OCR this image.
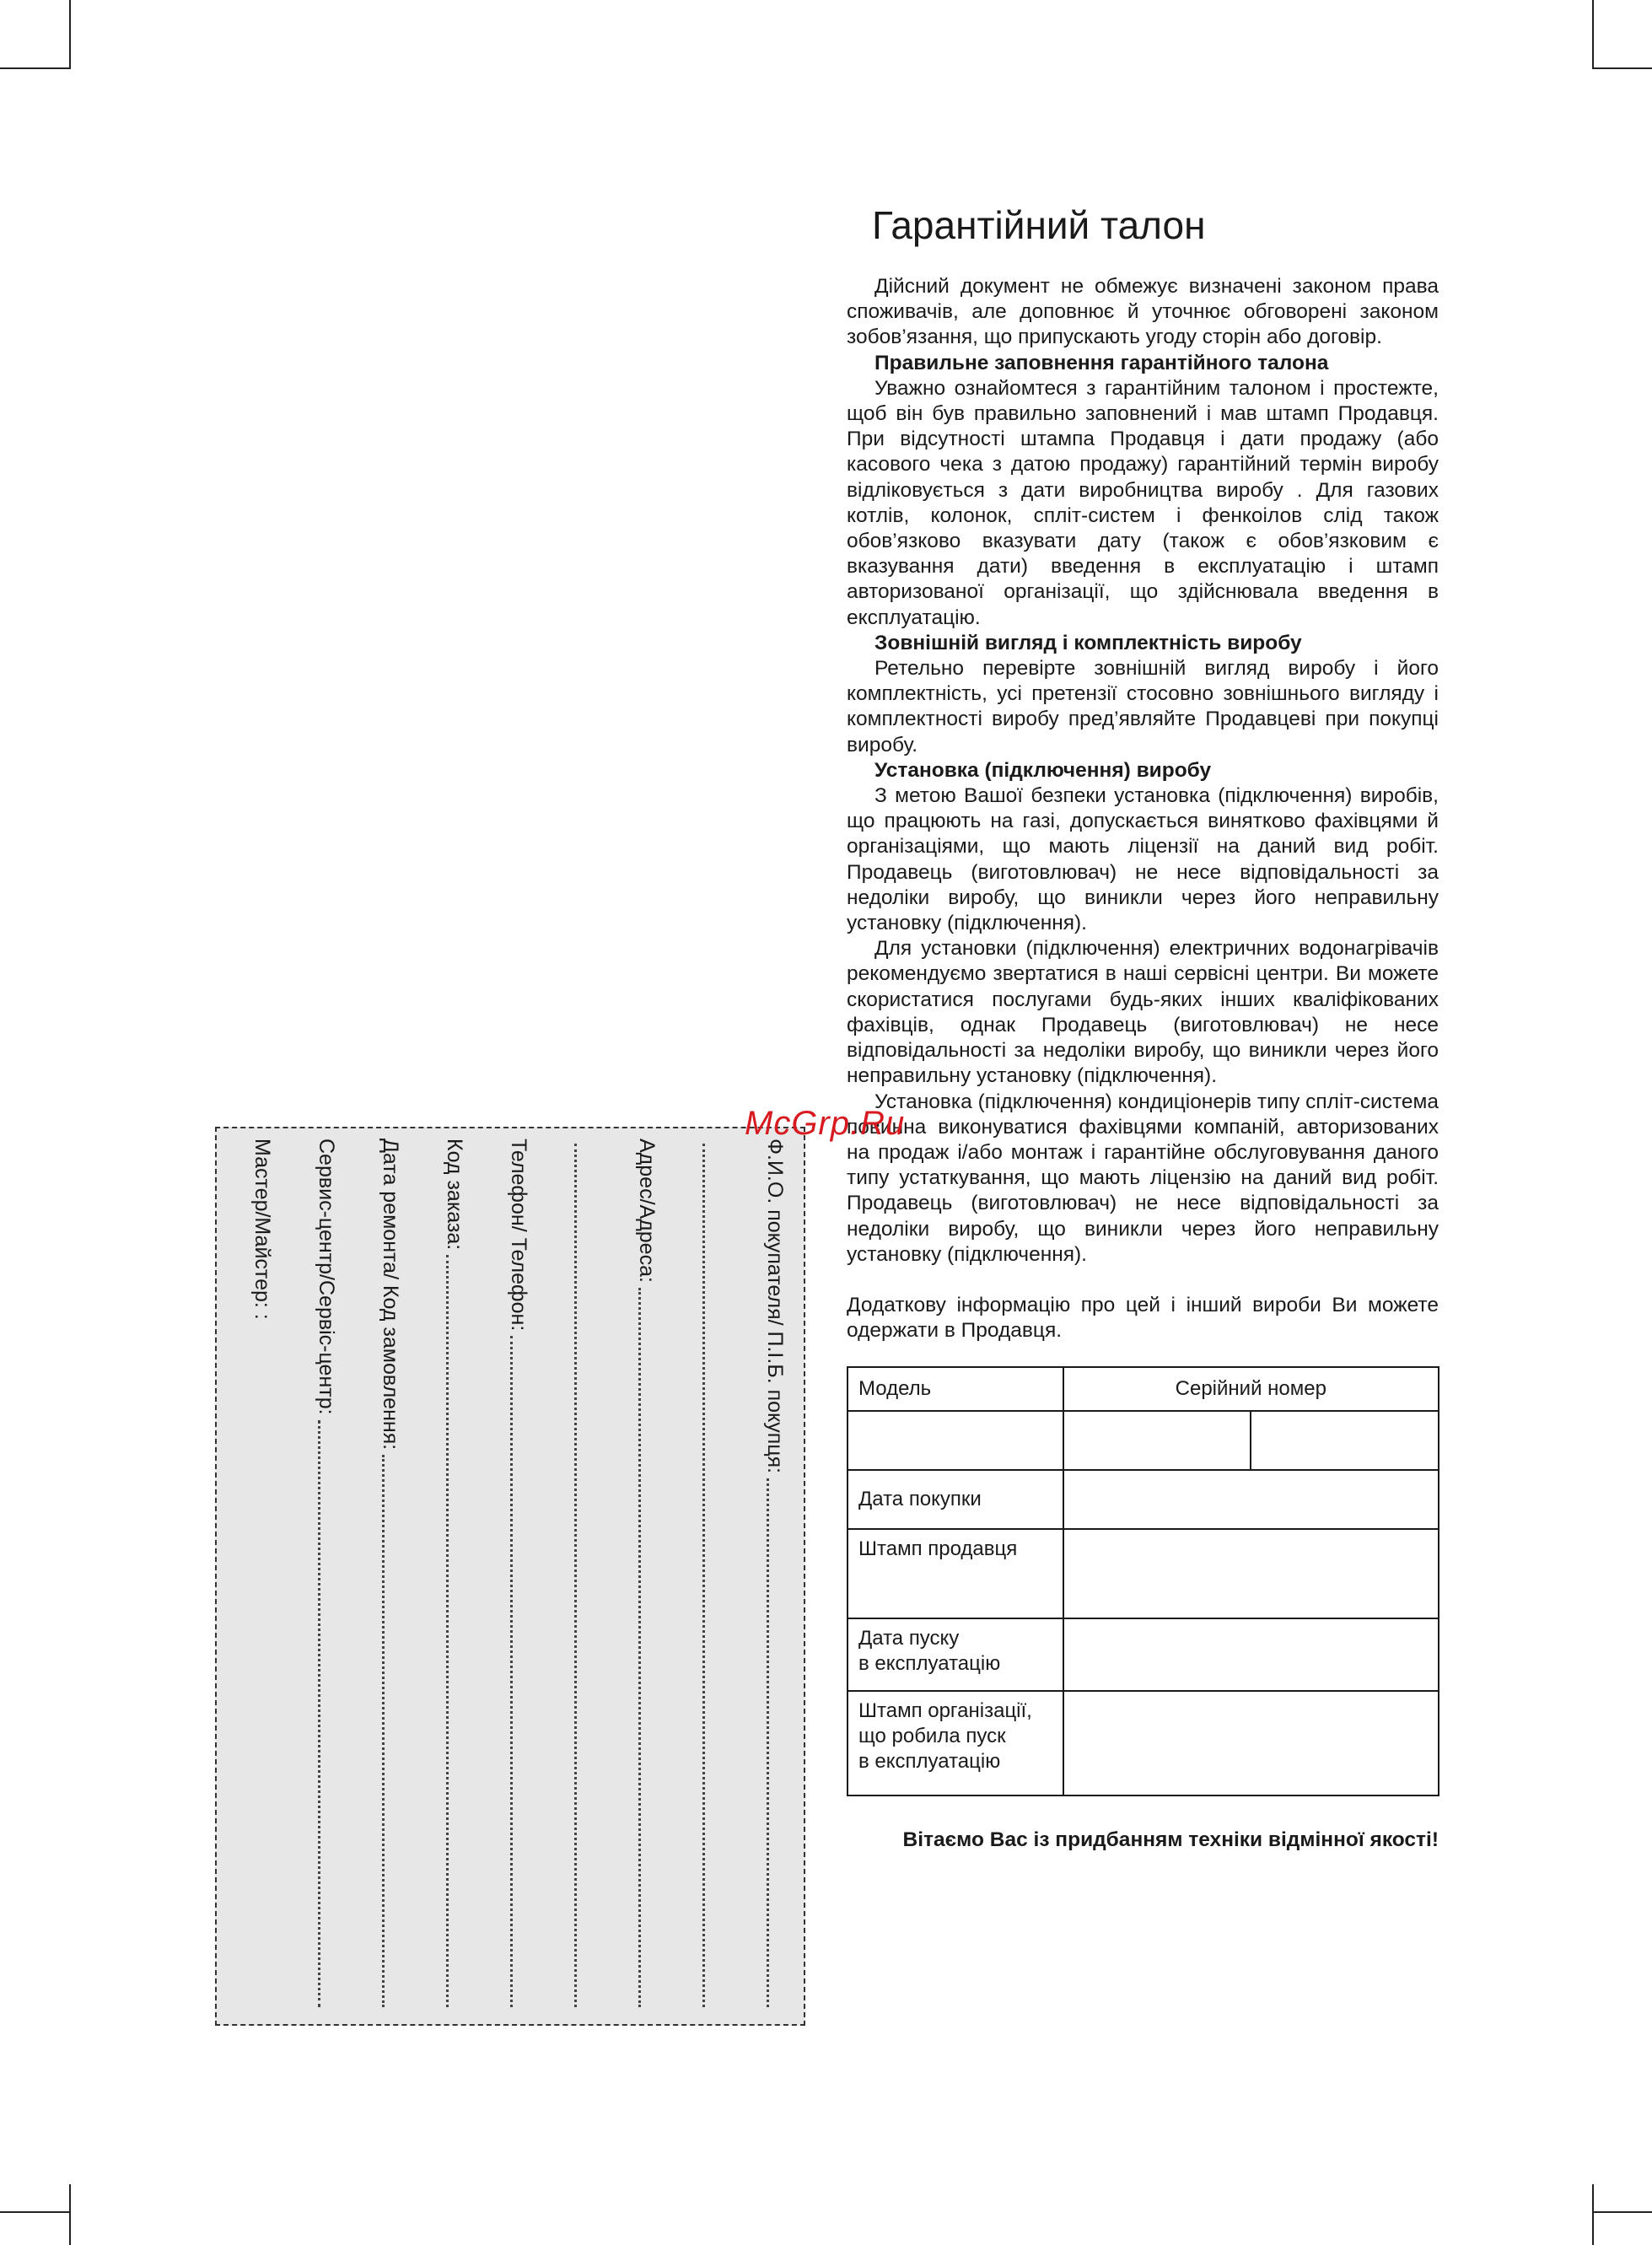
Гарантійний талон

Дійсний документ не обмежує визначені законом права споживачів, але доповнює й уточнює обговорені законом зобов’язання, що припускають угоду сторін або договір.

Правильне заповнення гарантійного талона

Уважно ознайомтеся з гарантійним талоном і простежте, щоб він був правильно заповнений і мав штамп Продавця. При відсутності штампа Продавця і дати продажу (або касового чека з датою продажу) гарантійний термін виробу відліковується з дати виробництва виробу . Для газових котлів, колонок, спліт-систем і фенкоілов слід також обов’язково вказувати дату (також є обов’язковим є вказування дати) введення в експлуатацію і штамп авторизованої організації, що здійснювала введення в експлуатацію.

Зовнішній вигляд і комплектність виробу

Ретельно перевірте зовнішній вигляд виробу і його комплектність, усі претензії стосовно зовнішнього вигляду і комплектності виробу пред’являйте Продавцеві при покупці виробу.

Установка (підключення) виробу

З метою Вашої безпеки установка (підключення) виробів, що працюють на газі, допускається винятково фахівцями й організаціями, що мають ліцензії на даний вид робіт. Продавець (виготовлювач) не несе відповідальності за недоліки виробу, що виникли через його неправильну установку (підключення).

Для установки (підключення) електричних водонагрівачів рекомендуємо звертатися в наші сервісні центри. Ви можете скористатися послугами будь-яких інших кваліфікованих фахівців, однак Продавець (виготовлювач) не несе відповідальності за недоліки виробу, що виникли через його неправильну установку (підключення).

Установка (підключення) кондиціонерів типу спліт-система повинна виконуватися фахівцями компаній, авторизованих на продаж і/або монтаж і гарантійне обслуговування даного типу устаткування, що мають ліцензію на даний вид робіт. Продавець (виготовлювач) не несе відповідальності за недоліки виробу, що виникли через його неправильну установку (підключення).

Додаткову інформацію про цей і інший вироби Ви можете одержати в Продавця.

Модель	Серійний номер	

Дата покупки		
Штамп продавця		

Дата пуску
в експлуатацію		

Штамп організації,
що робила пуск
в експлуатацію		

Вітаємо Вас із придбанням техніки відмінної якості!
Ф.И.О. покупателя/ П.І.Б. покупця:
Адрес/Адреса:
Телефон/ Телефон:
Код заказа:
Дата ремонта/ Код замовлення:
Сервис-центр/Сервіс-центр:
Мастер/Майстер: :
McGrp.Ru
